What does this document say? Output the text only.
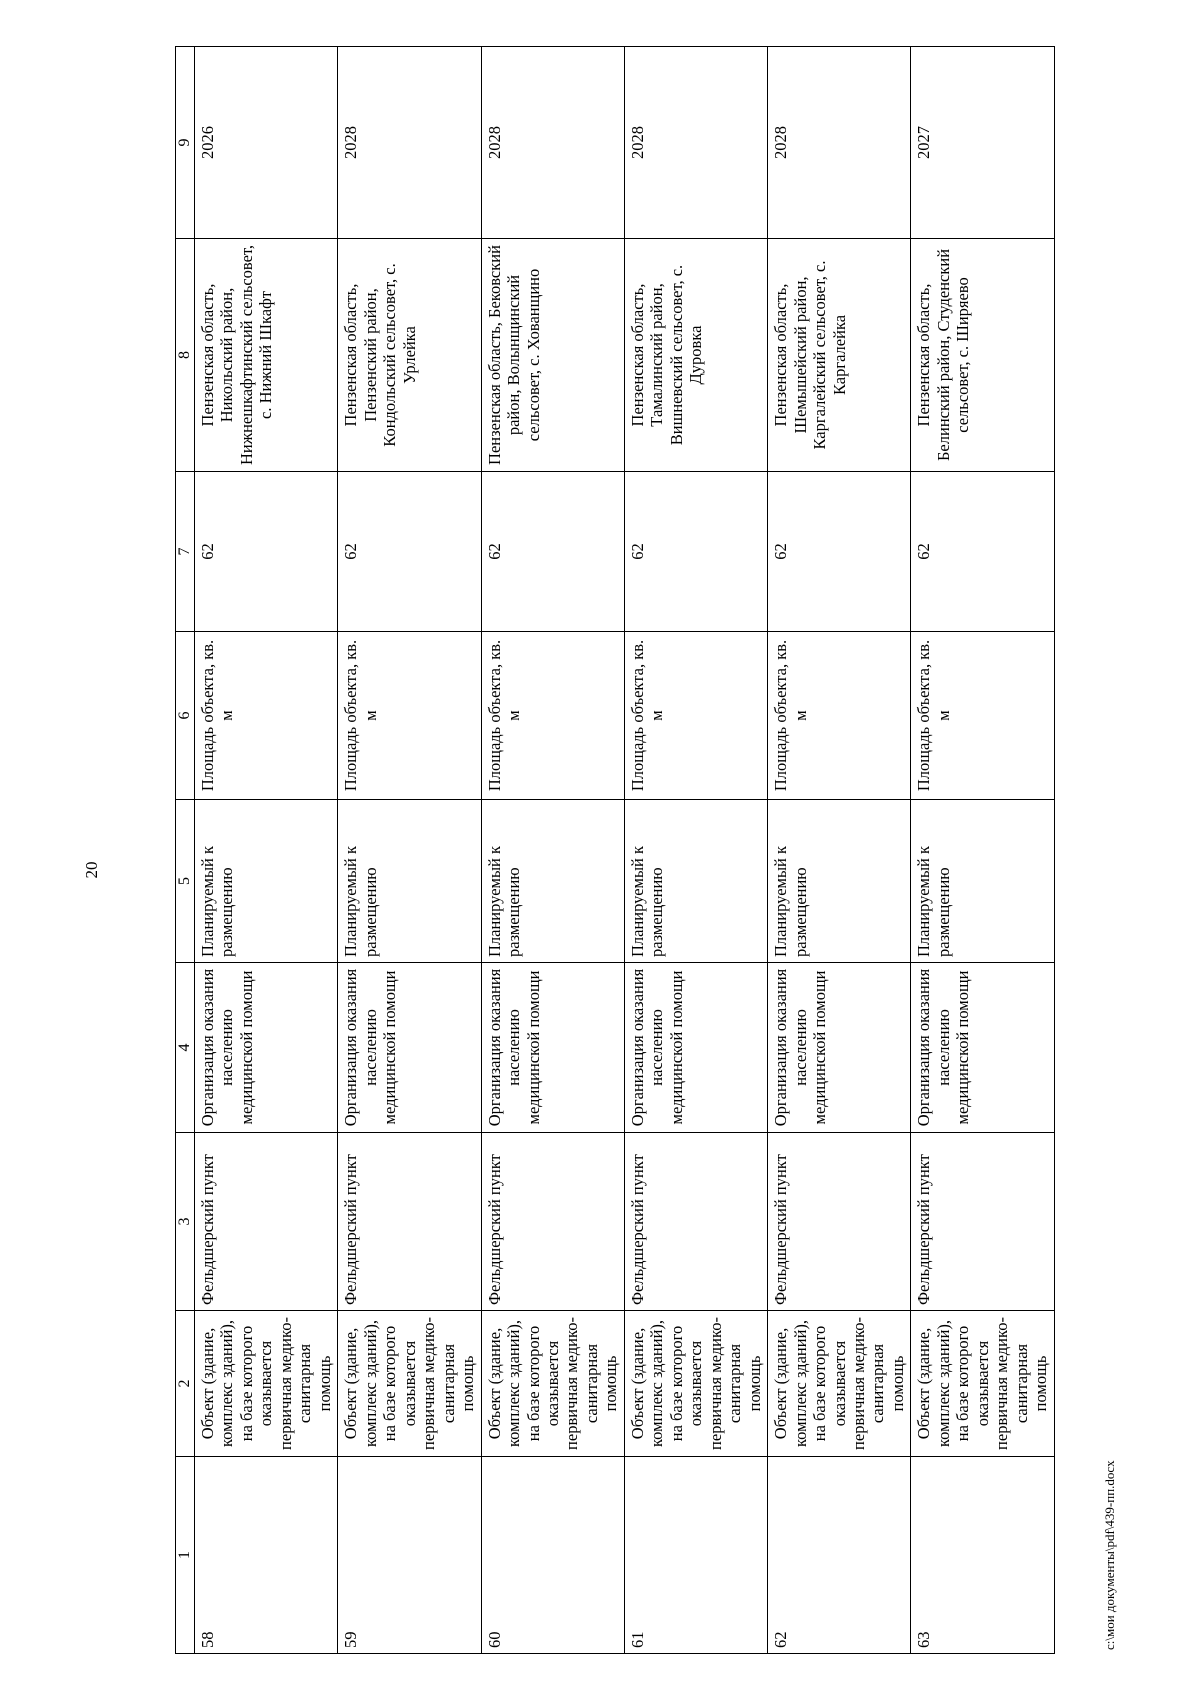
20
1	2	3	4	5	6	7	8	9
58	Объект (здание, комплекс зданий), на базе которого оказывается первичная медико-санитарная помощь	Фельдшерский пункт	Организация оказания населению медицинской помощи	Планируемый к размещению	Площадь объекта, кв. м	62	Пензенская область, Никольский район, Нижнешкафтинский сельсовет, с. Нижний Шкафт	2026
59	Объект (здание, комплекс зданий), на базе которого оказывается первичная медико-санитарная помощь	Фельдшерский пункт	Организация оказания населению медицинской помощи	Планируемый к размещению	Площадь объекта, кв. м	62	Пензенская область, Пензенский район, Кондольский сельсовет, с. Урлейка	2028
60	Объект (здание, комплекс зданий), на базе которого оказывается первичная медико-санитарная помощь	Фельдшерский пункт	Организация оказания населению медицинской помощи	Планируемый к размещению	Площадь объекта, кв. м	62	Пензенская область, Бековский район, Волынщинский сельсовет, с. Хованщино	2028
61	Объект (здание, комплекс зданий), на базе которого оказывается первичная медико-санитарная помощь	Фельдшерский пункт	Организация оказания населению медицинской помощи	Планируемый к размещению	Площадь объекта, кв. м	62	Пензенская область, Тамалинский район, Вишневский сельсовет, с. Дуровка	2028
62	Объект (здание, комплекс зданий), на базе которого оказывается первичная медико-санитарная помощь	Фельдшерский пункт	Организация оказания населению медицинской помощи	Планируемый к размещению	Площадь объекта, кв. м	62	Пензенская область, Шемышейский район, Каргалейский сельсовет, с. Каргалейка	2028
63	Объект (здание, комплекс зданий), на базе которого оказывается первичная медико-санитарная помощь	Фельдшерский пункт	Организация оказания населению медицинской помощи	Планируемый к размещению	Площадь объекта, кв. м	62	Пензенская область, Белинский район, Студенский сельсовет, с. Ширяево	2027
c:\мои документы\pdf\439-пп.docx
